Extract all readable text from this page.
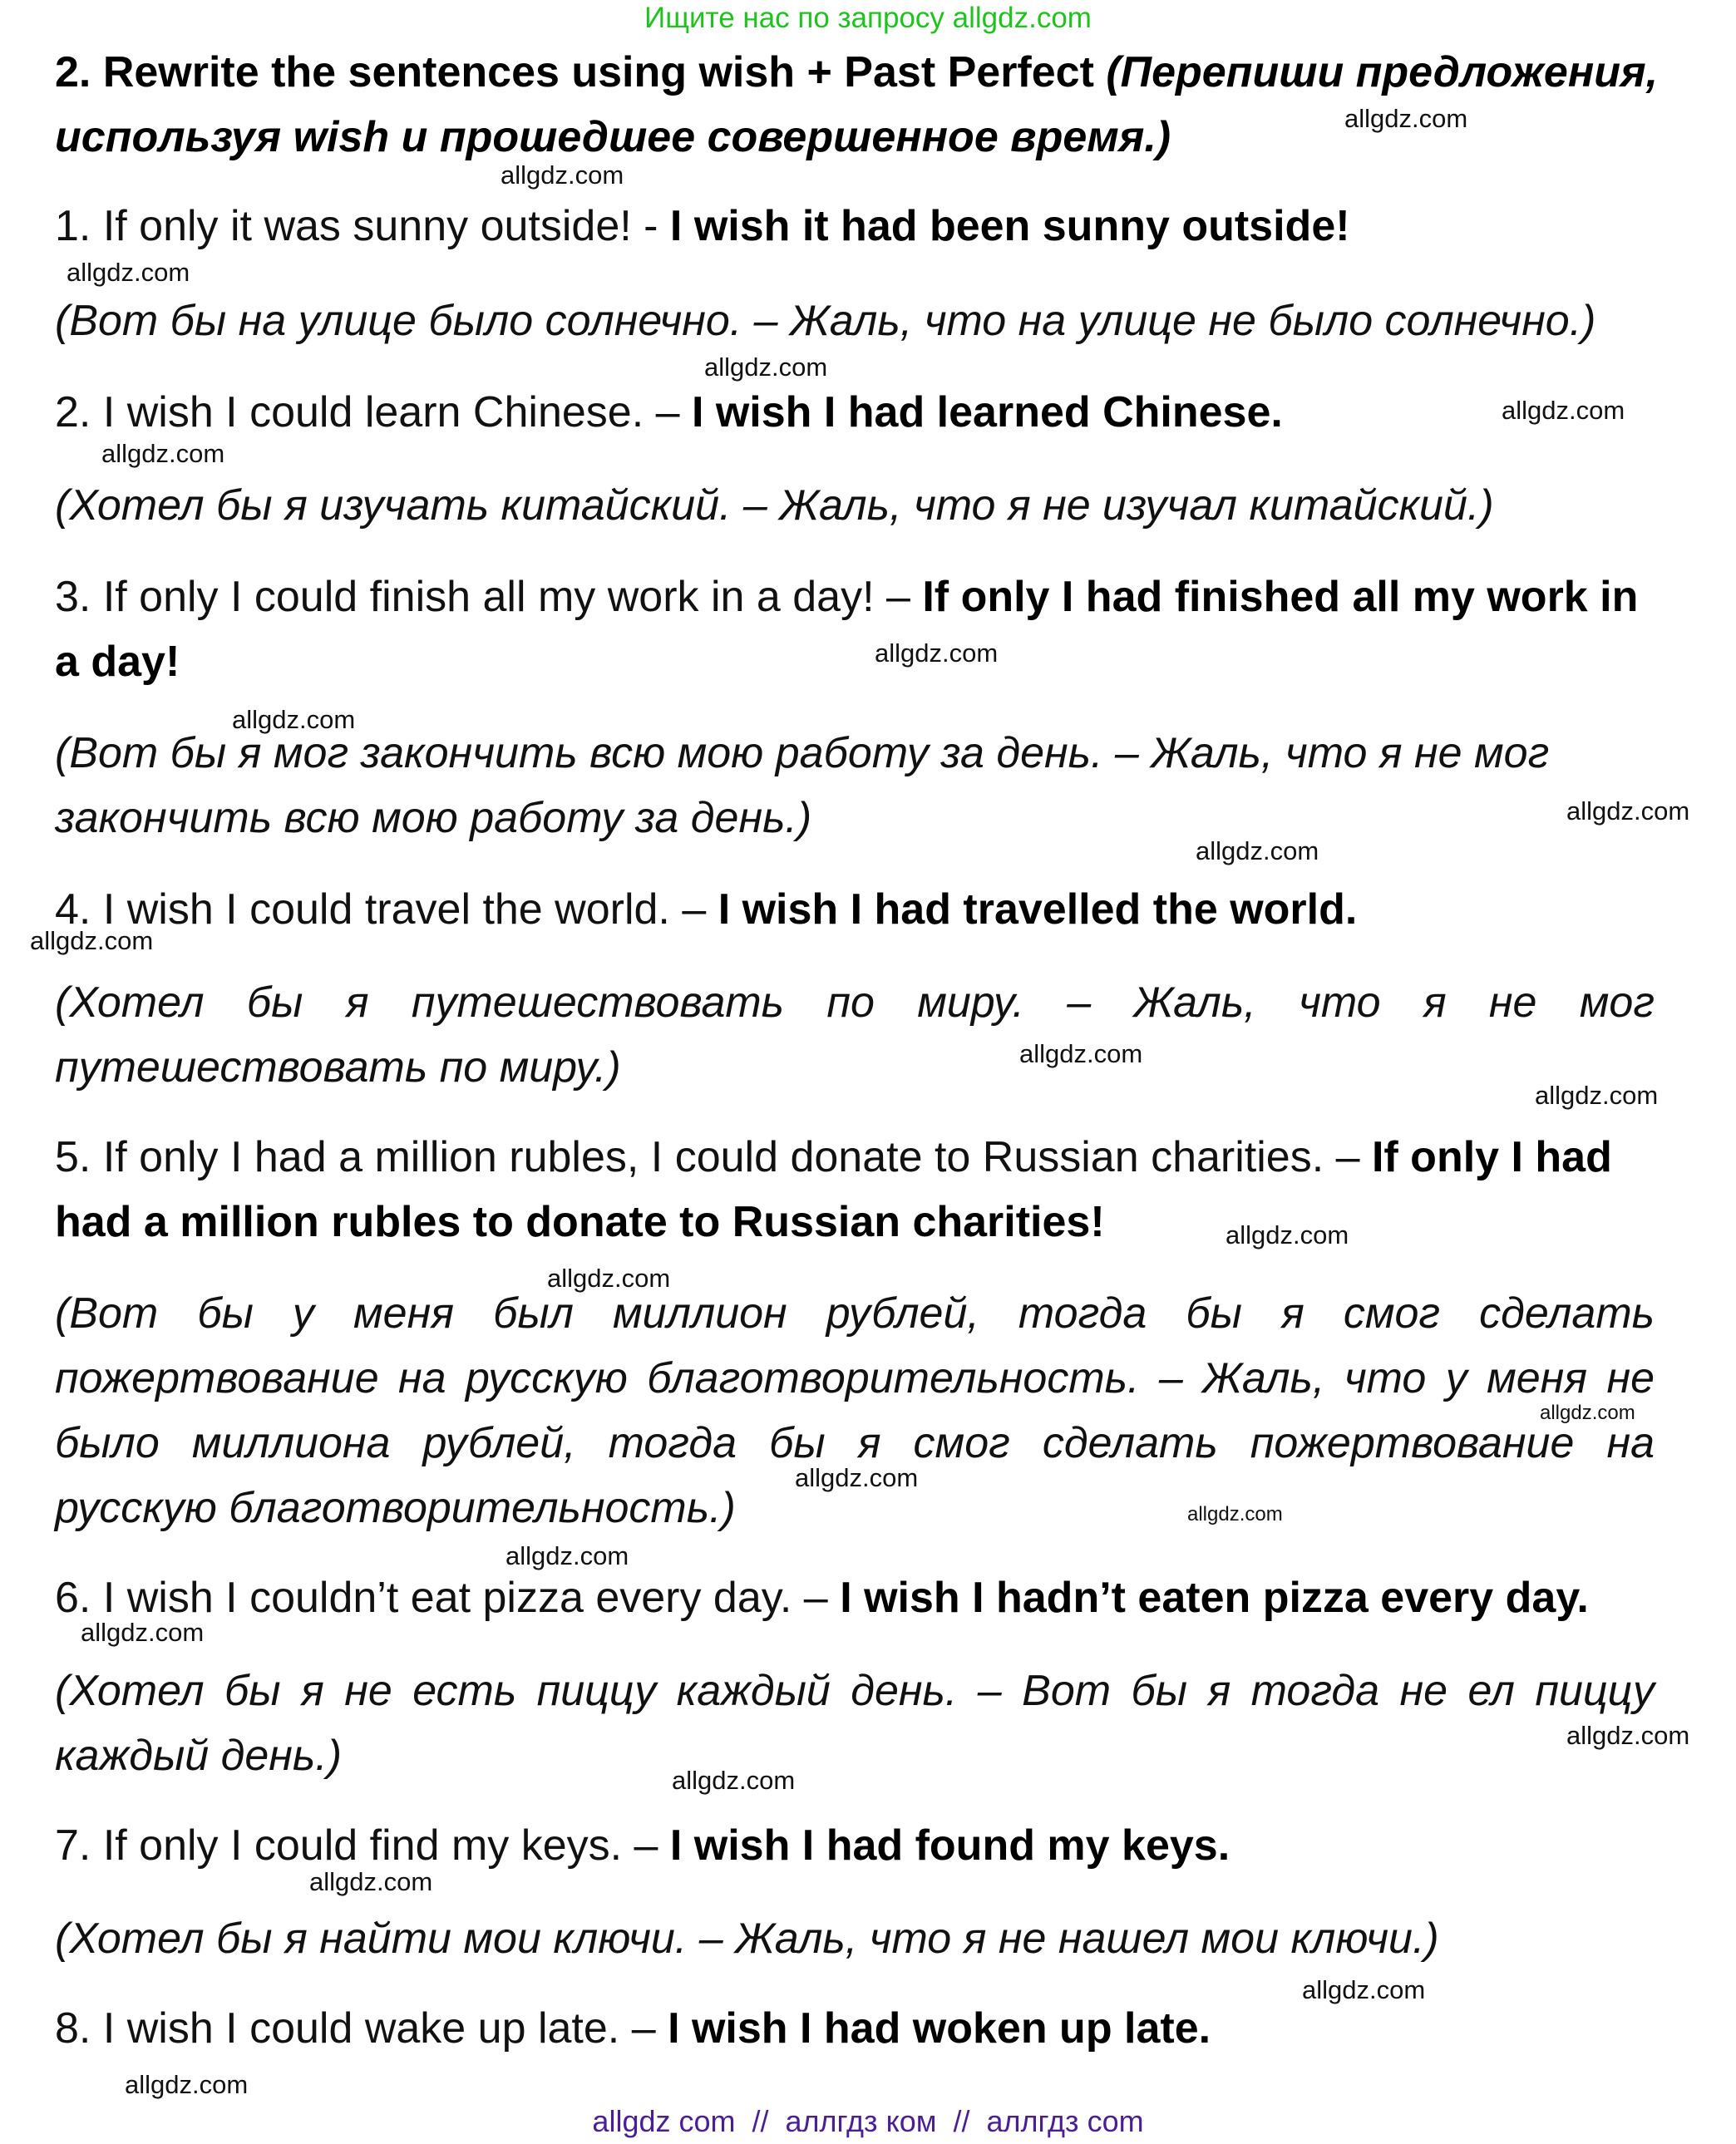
Ищите нас по запросу allgdz.com
2. Rewrite the sentences using wish + Past Perfect (Перепиши предложения,
используя wish и прошедшее совершенное время.)
1. If only it was sunny outside! - I wish it had been sunny outside!
(Вот бы на улице было солнечно. – Жаль, что на улице не было солнечно.)
2. I wish I could learn Chinese. – I wish I had learned Chinese.
(Хотел бы я изучать китайский. – Жаль, что я не изучал китайский.)
3. If only I could finish all my work in a day! – If only I had finished all my work in
a day!
(Вот бы я мог закончить всю мою работу за день. – Жаль, что я не мог
закончить всю мою работу за день.)
4. I wish I could travel the world. – I wish I had travelled the world.
(Хотел бы я путешествовать по миру. – Жаль, что я не мог
путешествовать по миру.)
5. If only I had a million rubles, I could donate to Russian charities. – If only I had
had a million rubles to donate to Russian charities!
(Вот бы у меня был миллион рублей, тогда бы я смог сделать
пожертвование на русскую благотворительность. – Жаль, что у меня не
было миллиона рублей, тогда бы я смог сделать пожертвование на
русскую благотворительность.)
6. I wish I couldn’t eat pizza every day. – I wish I hadn’t eaten pizza every day.
(Хотел бы я не есть пиццу каждый день. – Вот бы я тогда не ел пиццу
каждый день.)
7. If only I could find my keys. – I wish I had found my keys.
(Хотел бы я найти мои ключи. – Жаль, что я не нашел мои ключи.)
8. I wish I could wake up late. – I wish I had woken up late.
allgdz.com
allgdz.com
allgdz.com
allgdz.com
allgdz.com
allgdz.com
allgdz.com
allgdz.com
allgdz.com
allgdz.com
allgdz.com
allgdz.com
allgdz.com
allgdz.com
allgdz.com
allgdz.com
allgdz.com
allgdz.com
allgdz.com
allgdz.com
allgdz.com
allgdz.com
allgdz.com
allgdz.com
allgdz.com
allgdz com  //  аллгдз ком  //  аллгдз com
